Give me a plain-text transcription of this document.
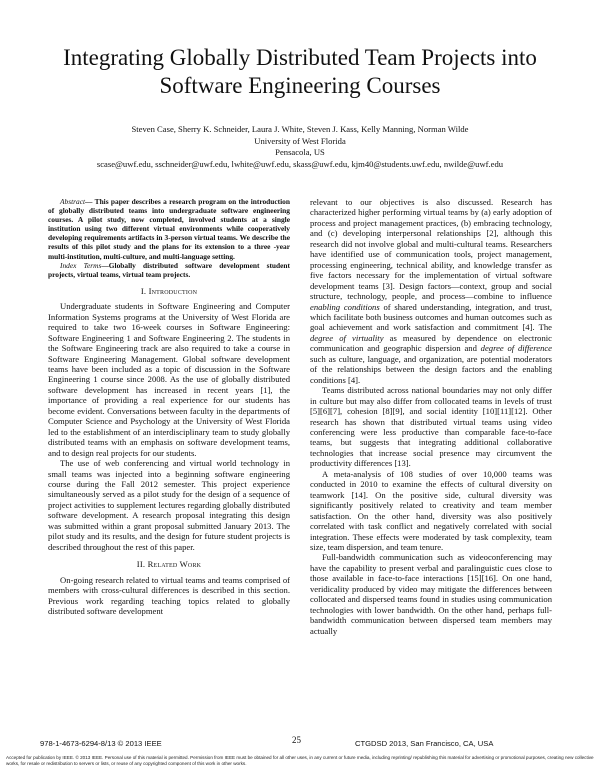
Integrating Globally Distributed Team Projects into Software Engineering Courses
Steven Case, Sherry K. Schneider, Laura J. White, Steven J. Kass, Kelly Manning, Norman Wilde
University of West Florida
Pensacola, US
scase@uwf.edu, sschneider@uwf.edu, lwhite@uwf.edu, skass@uwf.edu, kjm40@students.uwf.edu, nwilde@uwf.edu

Abstract— This paper describes a research program on the introduction of globally distributed teams into undergraduate software engineering courses. A pilot study, now completed, involved students at a single institution using two different virtual environments while cooperatively developing requirements artifacts in 3-person virtual teams. We describe the results of this pilot study and the plans for its extension to a three -year multi-institution, multi-culture, and multi-language setting.

Index Terms—Globally distributed software development student projects, virtual teams, virtual team projects.

I. Introduction

Undergraduate students in Software Engineering and Computer Information Systems programs at the University of West Florida are required to take two 16-week courses in Software Engineering: Software Engineering 1 and Software Engineering 2. The students in the Software Engineering track are also required to take a course in Software Engineering Management. Global software development teams have been included as a topic of discussion in the Software Engineering 1 course since 2008. As the use of globally distributed software development has increased in recent years [1], the importance of providing a real experience for our students has become evident. Conversations between faculty in the departments of Computer Science and Psychology at the University of West Florida led to the establishment of an interdisciplinary team to study globally distributed teams with an emphasis on software development teams, and to design real projects for our students.

The use of web conferencing and virtual world technology in small teams was injected into a beginning software engineering course during the Fall 2012 semester. This project experience simultaneously served as a pilot study for the design of a sequence of project activities to supplement lectures regarding globally distributed software development. A research proposal integrating this design was submitted within a grant proposal submitted January 2013. The pilot study and its results, and the design for future student projects is described throughout the rest of this paper.

II. Related Work

On-going research related to virtual teams and teams comprised of members with cross-cultural differences is described in this section. Previous work regarding teaching topics related to globally distributed software development

relevant to our objectives is also discussed. Research has characterized higher performing virtual teams by (a) early adoption of process and project management practices, (b) embracing technology, and (c) developing interpersonal relationships [2], although this research did not involve global and multi-cultural teams. Researchers have identified use of communication tools, project management, processing engineering, technical ability, and knowledge transfer as five factors necessary for the implementation of virtual software development teams [3]. Design factors—context, group and social structure, technology, people, and process—combine to influence enabling conditions of shared understanding, integration, and trust, which facilitate both business outcomes and human outcomes such as goal achievement and work satisfaction and commitment [4]. The degree of virtuality as measured by dependence on electronic communication and geographic dispersion and degree of difference such as culture, language, and organization, are potential moderators of the relationships between the design factors and the enabling conditions [4].

Teams distributed across national boundaries may not only differ in culture but may also differ from collocated teams in levels of trust [5][6][7], cohesion [8][9], and social identity [10][11][12]. Other research has shown that distributed virtual teams using video conferencing were less productive than comparable face-to-face teams, but suggests that integrating additional collaborative technologies that increase social presence may circumvent the productivity differences [13].

A meta-analysis of 108 studies of over 10,000 teams was conducted in 2010 to examine the effects of cultural diversity on teamwork [14]. On the positive side, cultural diversity was significantly positively related to creativity and team member satisfaction. On the other hand, diversity was also positively correlated with task conflict and negatively correlated with social integration. These effects were moderated by task complexity, team size, team dispersion, and team tenure.

Full-bandwidth communication such as videoconferencing may have the capability to present verbal and paralinguistic cues close to those available in face-to-face interactions [15][16]. On one hand, veridicality produced by video may mitigate the differences between collocated and dispersed teams found in studies using communication technologies with lower bandwidth. On the other hand, perhaps full-bandwidth communication between dispersed team members may actually

978-1-4673-6294-8/13 © 2013 IEEE	25	CTGDSD 2013, San Francisco, CA, USA
Accepted for publication by IEEE. © 2013 IEEE. Personal use of this material is permitted. Permission from IEEE must be obtained for all other uses, in any current or future media, including reprinting/ republishing this material for advertising or promotional purposes, creating new collective works, for resale or redistribution to servers or lists, or reuse of any copyrighted component of this work in other works.
